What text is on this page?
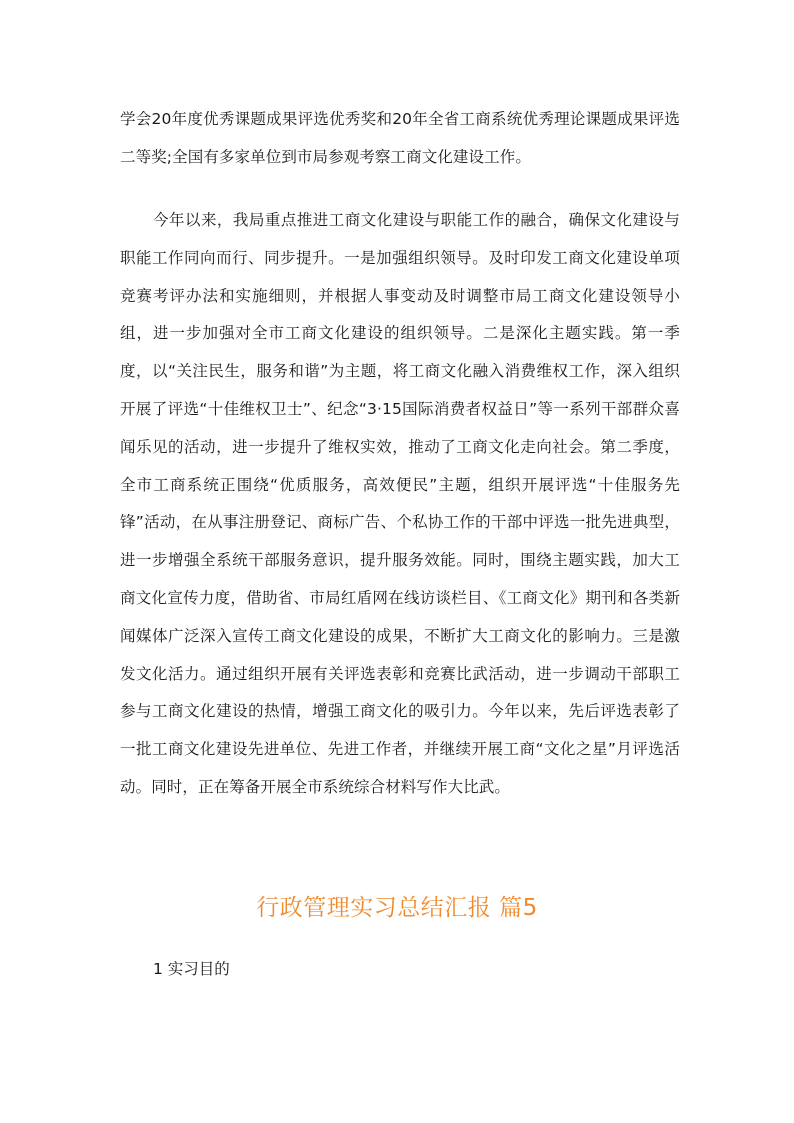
学会20年度优秀课题成果评选优秀奖和20年全省工商系统优秀理论课题成果评选二等奖;全国有多家单位到市局参观考察工商文化建设工作。

今年以来，我局重点推进工商文化建设与职能工作的融合，确保文化建设与职能工作同向而行、同步提升。一是加强组织领导。及时印发工商文化建设单项竞赛考评办法和实施细则，并根据人事变动及时调整市局工商文化建设领导小组，进一步加强对全市工商文化建设的组织领导。二是深化主题实践。第一季度，以“关注民生，服务和谐”为主题，将工商文化融入消费维权工作，深入组织开展了评选“十佳维权卫士”、纪念“3·15国际消费者权益日”等一系列干部群众喜闻乐见的活动，进一步提升了维权实效，推动了工商文化走向社会。第二季度，全市工商系统正围绕“优质服务，高效便民”主题，组织开展评选“十佳服务先锋”活动，在从事注册登记、商标广告、个私协工作的干部中评选一批先进典型，进一步增强全系统干部服务意识，提升服务效能。同时，围绕主题实践，加大工商文化宣传力度，借助省、市局红盾网在线访谈栏目、《工商文化》期刊和各类新闻媒体广泛深入宣传工商文化建设的成果，不断扩大工商文化的影响力。三是激发文化活力。通过组织开展有关评选表彰和竞赛比武活动，进一步调动干部职工参与工商文化建设的热情，增强工商文化的吸引力。今年以来，先后评选表彰了一批工商文化建设先进单位、先进工作者，并继续开展工商“文化之星”月评选活动。同时，正在筹备开展全市系统综合材料写作大比武。

行政管理实习总结汇报 篇5

1 实习目的
